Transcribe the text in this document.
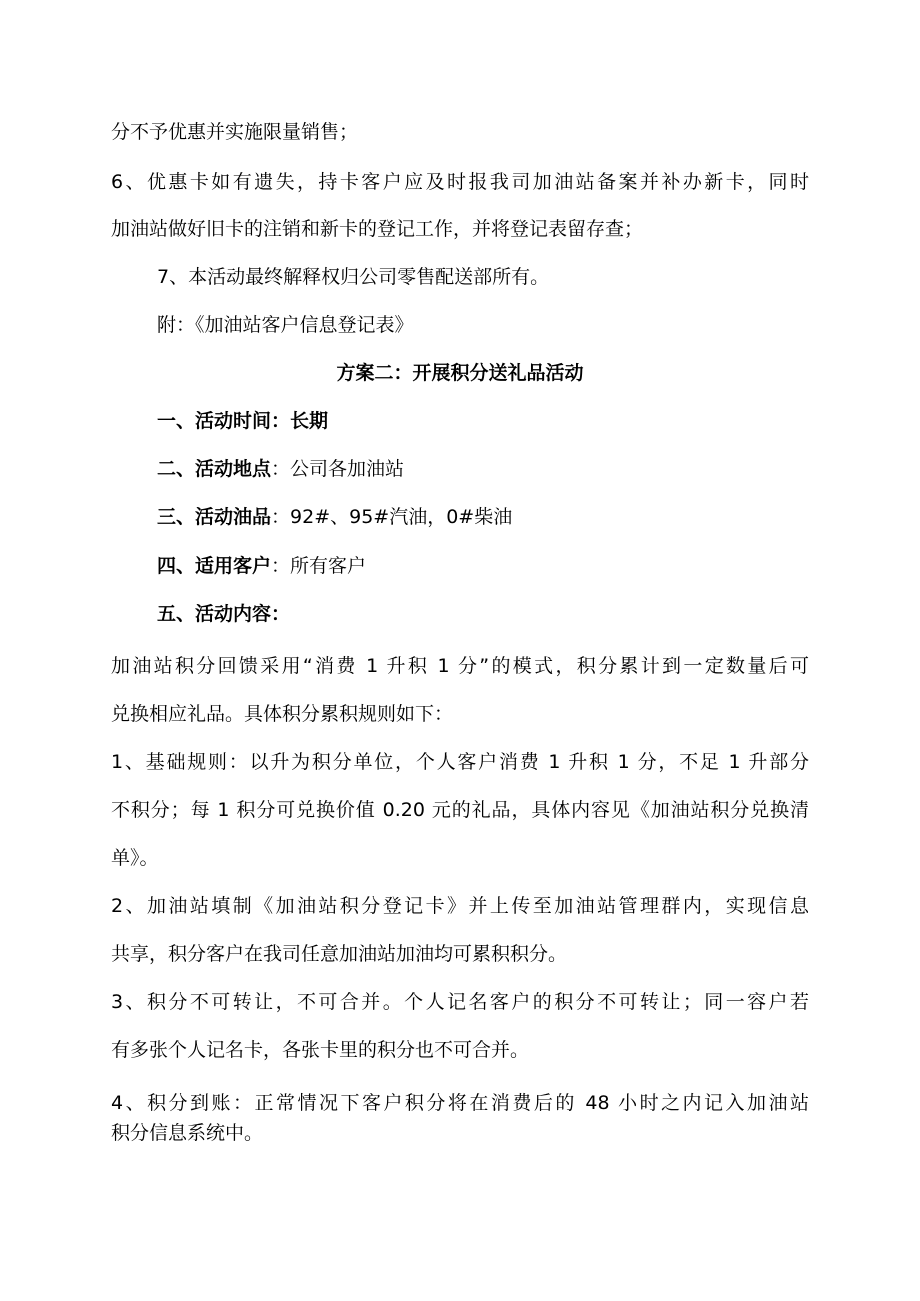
分不予优惠并实施限量销售；
6、优惠卡如有遗失，持卡客户应及时报我司加油站备案并补办新卡，同时
加油站做好旧卡的注销和新卡的登记工作，并将登记表留存查；
7、本活动最终解释权归公司零售配送部所有。
附：《加油站客户信息登记表》
方案二：开展积分送礼品活动
一、活动时间：长期
二、活动地点：公司各加油站
三、活动油品：92#、95#汽油，0#柴油
四、适用客户：所有客户
五、活动内容：
加油站积分回馈采用“消费 1 升积 1 分”的模式，积分累计到一定数量后可
兑换相应礼品。具体积分累积规则如下：
1、基础规则：以升为积分单位，个人客户消费 1 升积 1 分，不足 1 升部分
不积分；每 1 积分可兑换价值 0.20 元的礼品，具体内容见《加油站积分兑换清
单》。
2、加油站填制《加油站积分登记卡》并上传至加油站管理群内，实现信息
共享，积分客户在我司任意加油站加油均可累积积分。
3、积分不可转让，不可合并。个人记名客户的积分不可转让；同一容户若
有多张个人记名卡，各张卡里的积分也不可合并。
4、积分到账：正常情况下客户积分将在消费后的 48 小时之内记入加油站
积分信息系统中。
